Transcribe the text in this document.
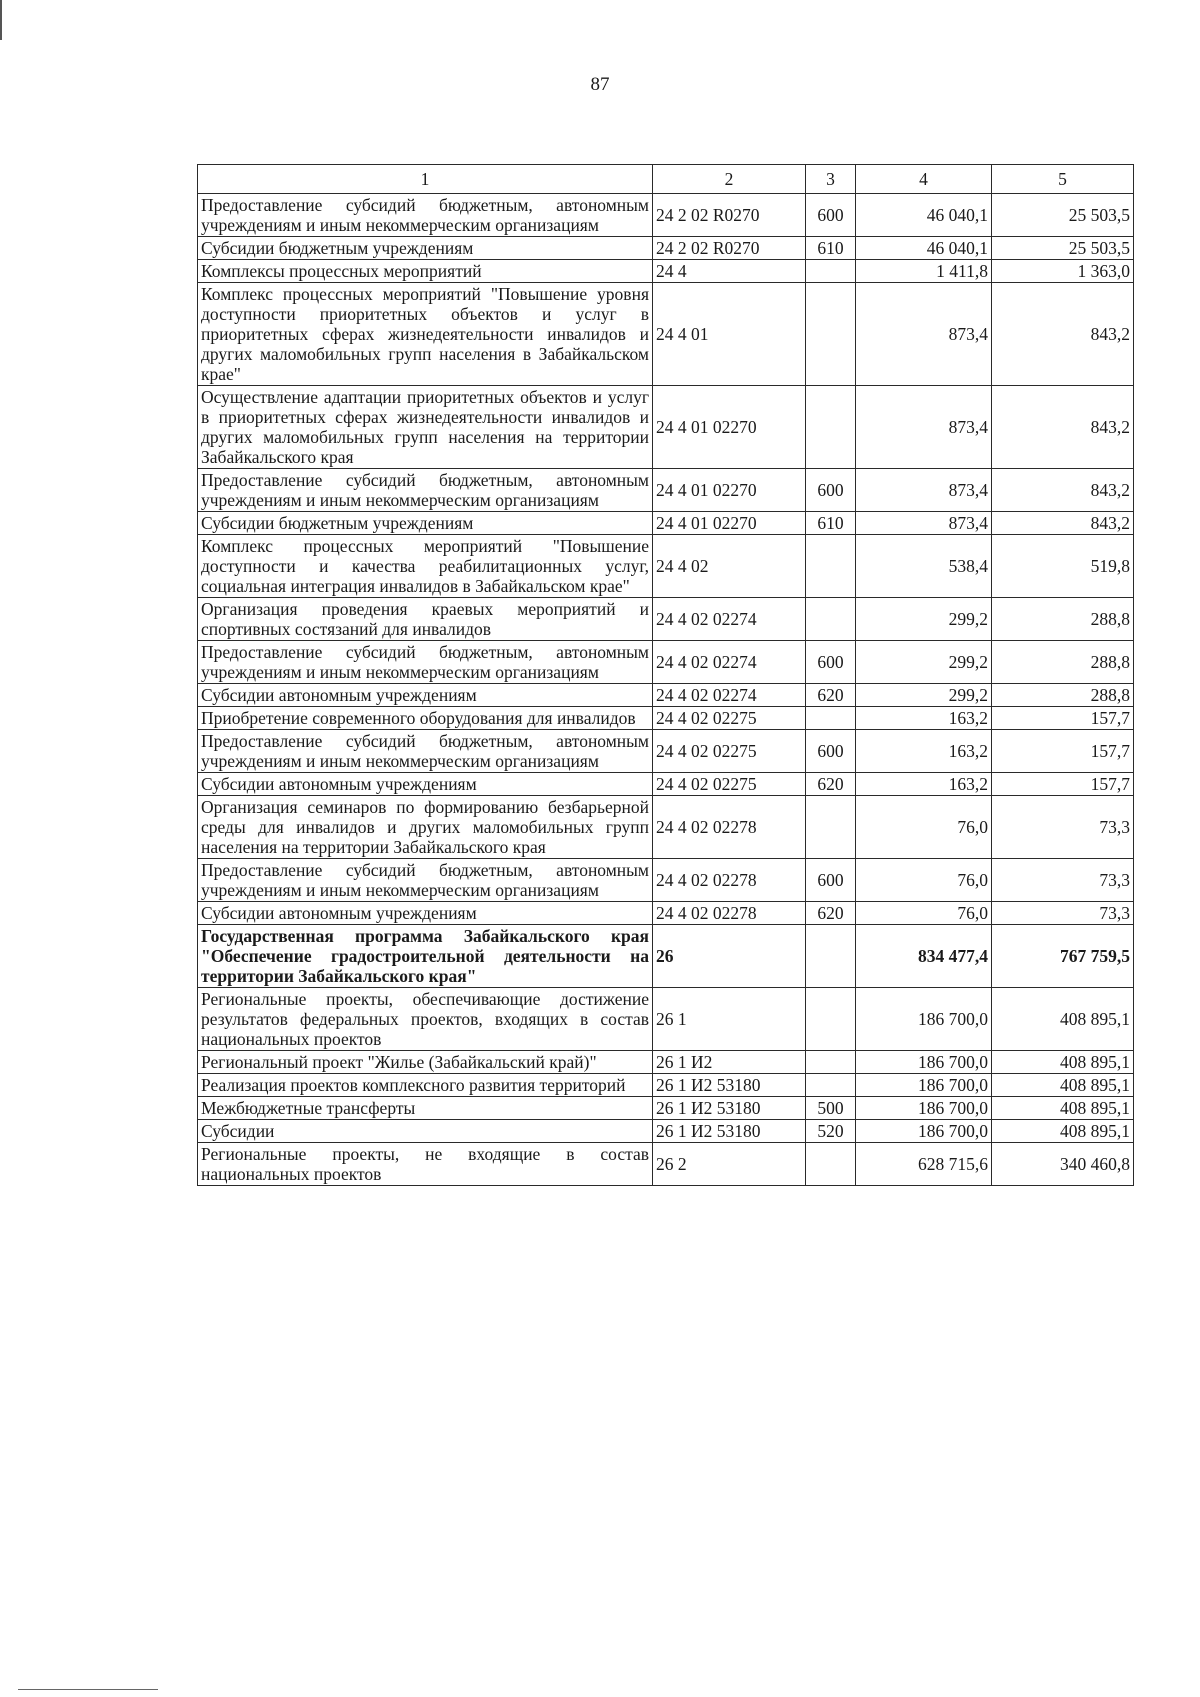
87
1	2	3	4	5
Предоставление субсидий бюджетным, автономным учреждениям и иным некоммерческим организациям	24 2 02 R0270	600	46 040,1	25 503,5
Субсидии бюджетным учреждениям	24 2 02 R0270	610	46 040,1	25 503,5
Комплексы процессных мероприятий	24 4		1 411,8	1 363,0
Комплекс процессных мероприятий "Повышение уровня доступности приоритетных объектов и услуг в приоритетных сферах жизнедеятельности инвалидов и других маломобильных групп населения в Забайкальском крае"	24 4 01		873,4	843,2
Осуществление адаптации приоритетных объектов и услуг в приоритетных сферах жизнедеятельности инвалидов и других маломобильных групп населения на территории Забайкальского края	24 4 01 02270		873,4	843,2
Предоставление субсидий бюджетным, автономным учреждениям и иным некоммерческим организациям	24 4 01 02270	600	873,4	843,2
Субсидии бюджетным учреждениям	24 4 01 02270	610	873,4	843,2
Комплекс процессных мероприятий "Повышение доступности и качества реабилитационных услуг, социальная интеграция инвалидов в Забайкальском крае"	24 4 02		538,4	519,8
Организация проведения краевых мероприятий и спортивных состязаний для инвалидов	24 4 02 02274		299,2	288,8
Предоставление субсидий бюджетным, автономным учреждениям и иным некоммерческим организациям	24 4 02 02274	600	299,2	288,8
Субсидии автономным учреждениям	24 4 02 02274	620	299,2	288,8
Приобретение современного оборудования для инвалидов	24 4 02 02275		163,2	157,7
Предоставление субсидий бюджетным, автономным учреждениям и иным некоммерческим организациям	24 4 02 02275	600	163,2	157,7
Субсидии автономным учреждениям	24 4 02 02275	620	163,2	157,7
Организация семинаров по формированию безбарьерной среды для инвалидов и других маломобильных групп населения на территории Забайкальского края	24 4 02 02278		76,0	73,3
Предоставление субсидий бюджетным, автономным учреждениям и иным некоммерческим организациям	24 4 02 02278	600	76,0	73,3
Субсидии автономным учреждениям	24 4 02 02278	620	76,0	73,3
Государственная программа Забайкальского края "Обеспечение градостроительной деятельности на территории Забайкальского края"	26		834 477,4	767 759,5
Региональные проекты, обеспечивающие достижение результатов федеральных проектов, входящих в состав национальных проектов	26 1		186 700,0	408 895,1
Региональный проект "Жилье (Забайкальский край)"	26 1 И2		186 700,0	408 895,1
Реализация проектов комплексного развития территорий	26 1 И2 53180		186 700,0	408 895,1
Межбюджетные трансферты	26 1 И2 53180	500	186 700,0	408 895,1
Субсидии	26 1 И2 53180	520	186 700,0	408 895,1
Региональные проекты, не входящие в состав национальных проектов	26 2		628 715,6	340 460,8
